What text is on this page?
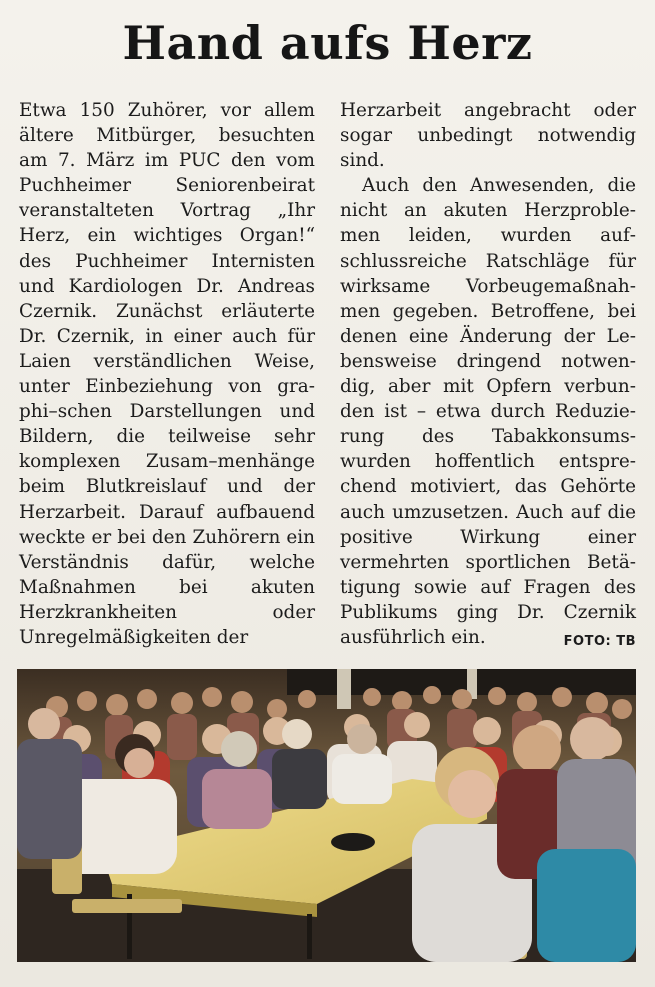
Hand aufs Herz

Etwa 150 Zuhörer, vor allem ältere Mitbürger, besuchten am 7. März im PUC den vom Puchheimer Seniorenbeirat veranstalteten Vortrag „Ihr Herz, ein wichtiges Organ!“ des Puchheimer Internisten und Kardiologen Dr. Andreas Czernik. Zunächst erläuterte Dr. Czernik, in einer auch für Laien verständlichen Weise, unter Einbeziehung von graphi–schen Darstellungen und Bildern, die teilweise sehr komplexen Zusam–menhänge beim Blutkreislauf und der Herzarbeit. Darauf aufbauend weckte er bei den Zuhörern ein Verständnis dafür, welche Maßnahmen bei akuten Herzkrankheiten oder Unregelmäßigkeiten der

Herzarbeit angebracht oder sogar unbedingt notwendig sind.

Auch den Anwesenden, die nicht an akuten Herzproblemen leiden, wurden aufschlussreiche Ratschläge für wirksame Vorbeugemaßnahmen gegeben. Betroffene, bei denen eine Änderung der Lebensweise dringend notwendig, aber mit Opfern verbunden ist – etwa durch Reduzierung des Tabakkonsumswurden hoffentlich entsprechend motiviert, das Gehörte auch umzusetzen. Auch auf die positive Wirkung einer vermehrten sportlichen Betätigung sowie auf Fragen des Publikums ging Dr. Czernik ausführlich ein.	FOTO: TB
